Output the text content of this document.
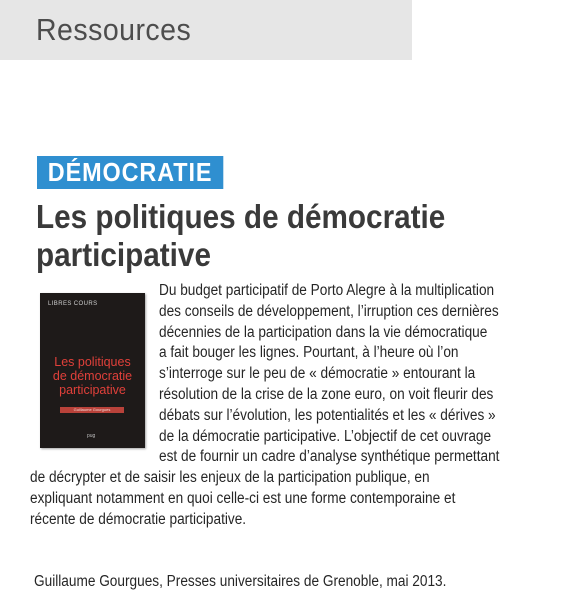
Ressources
DÉMOCRATIE
Les politiques de démocratie
participative
LIBRES COURS
Les politiques
de démocratie
participative
Guillaume Gourgues
pug
Du budget participatif de Porto Alegre à la multiplication
des conseils de développement, l’irruption ces dernières
décennies de la participation dans la vie démocratique
a fait bouger les lignes. Pourtant, à l’heure où l’on
s’interroge sur le peu de « démocratie » entourant la
résolution de la crise de la zone euro, on voit fleurir des
débats sur l’évolution, les potentialités et les « dérives »
de la démocratie participative. L’objectif de cet ouvrage
est de fournir un cadre d’analyse synthétique permettant
de décrypter et de saisir les enjeux de la participation publique, en
expliquant notamment en quoi celle-ci est une forme contemporaine et
récente de démocratie participative.
Guillaume Gourgues, Presses universitaires de Grenoble, mai 2013.
